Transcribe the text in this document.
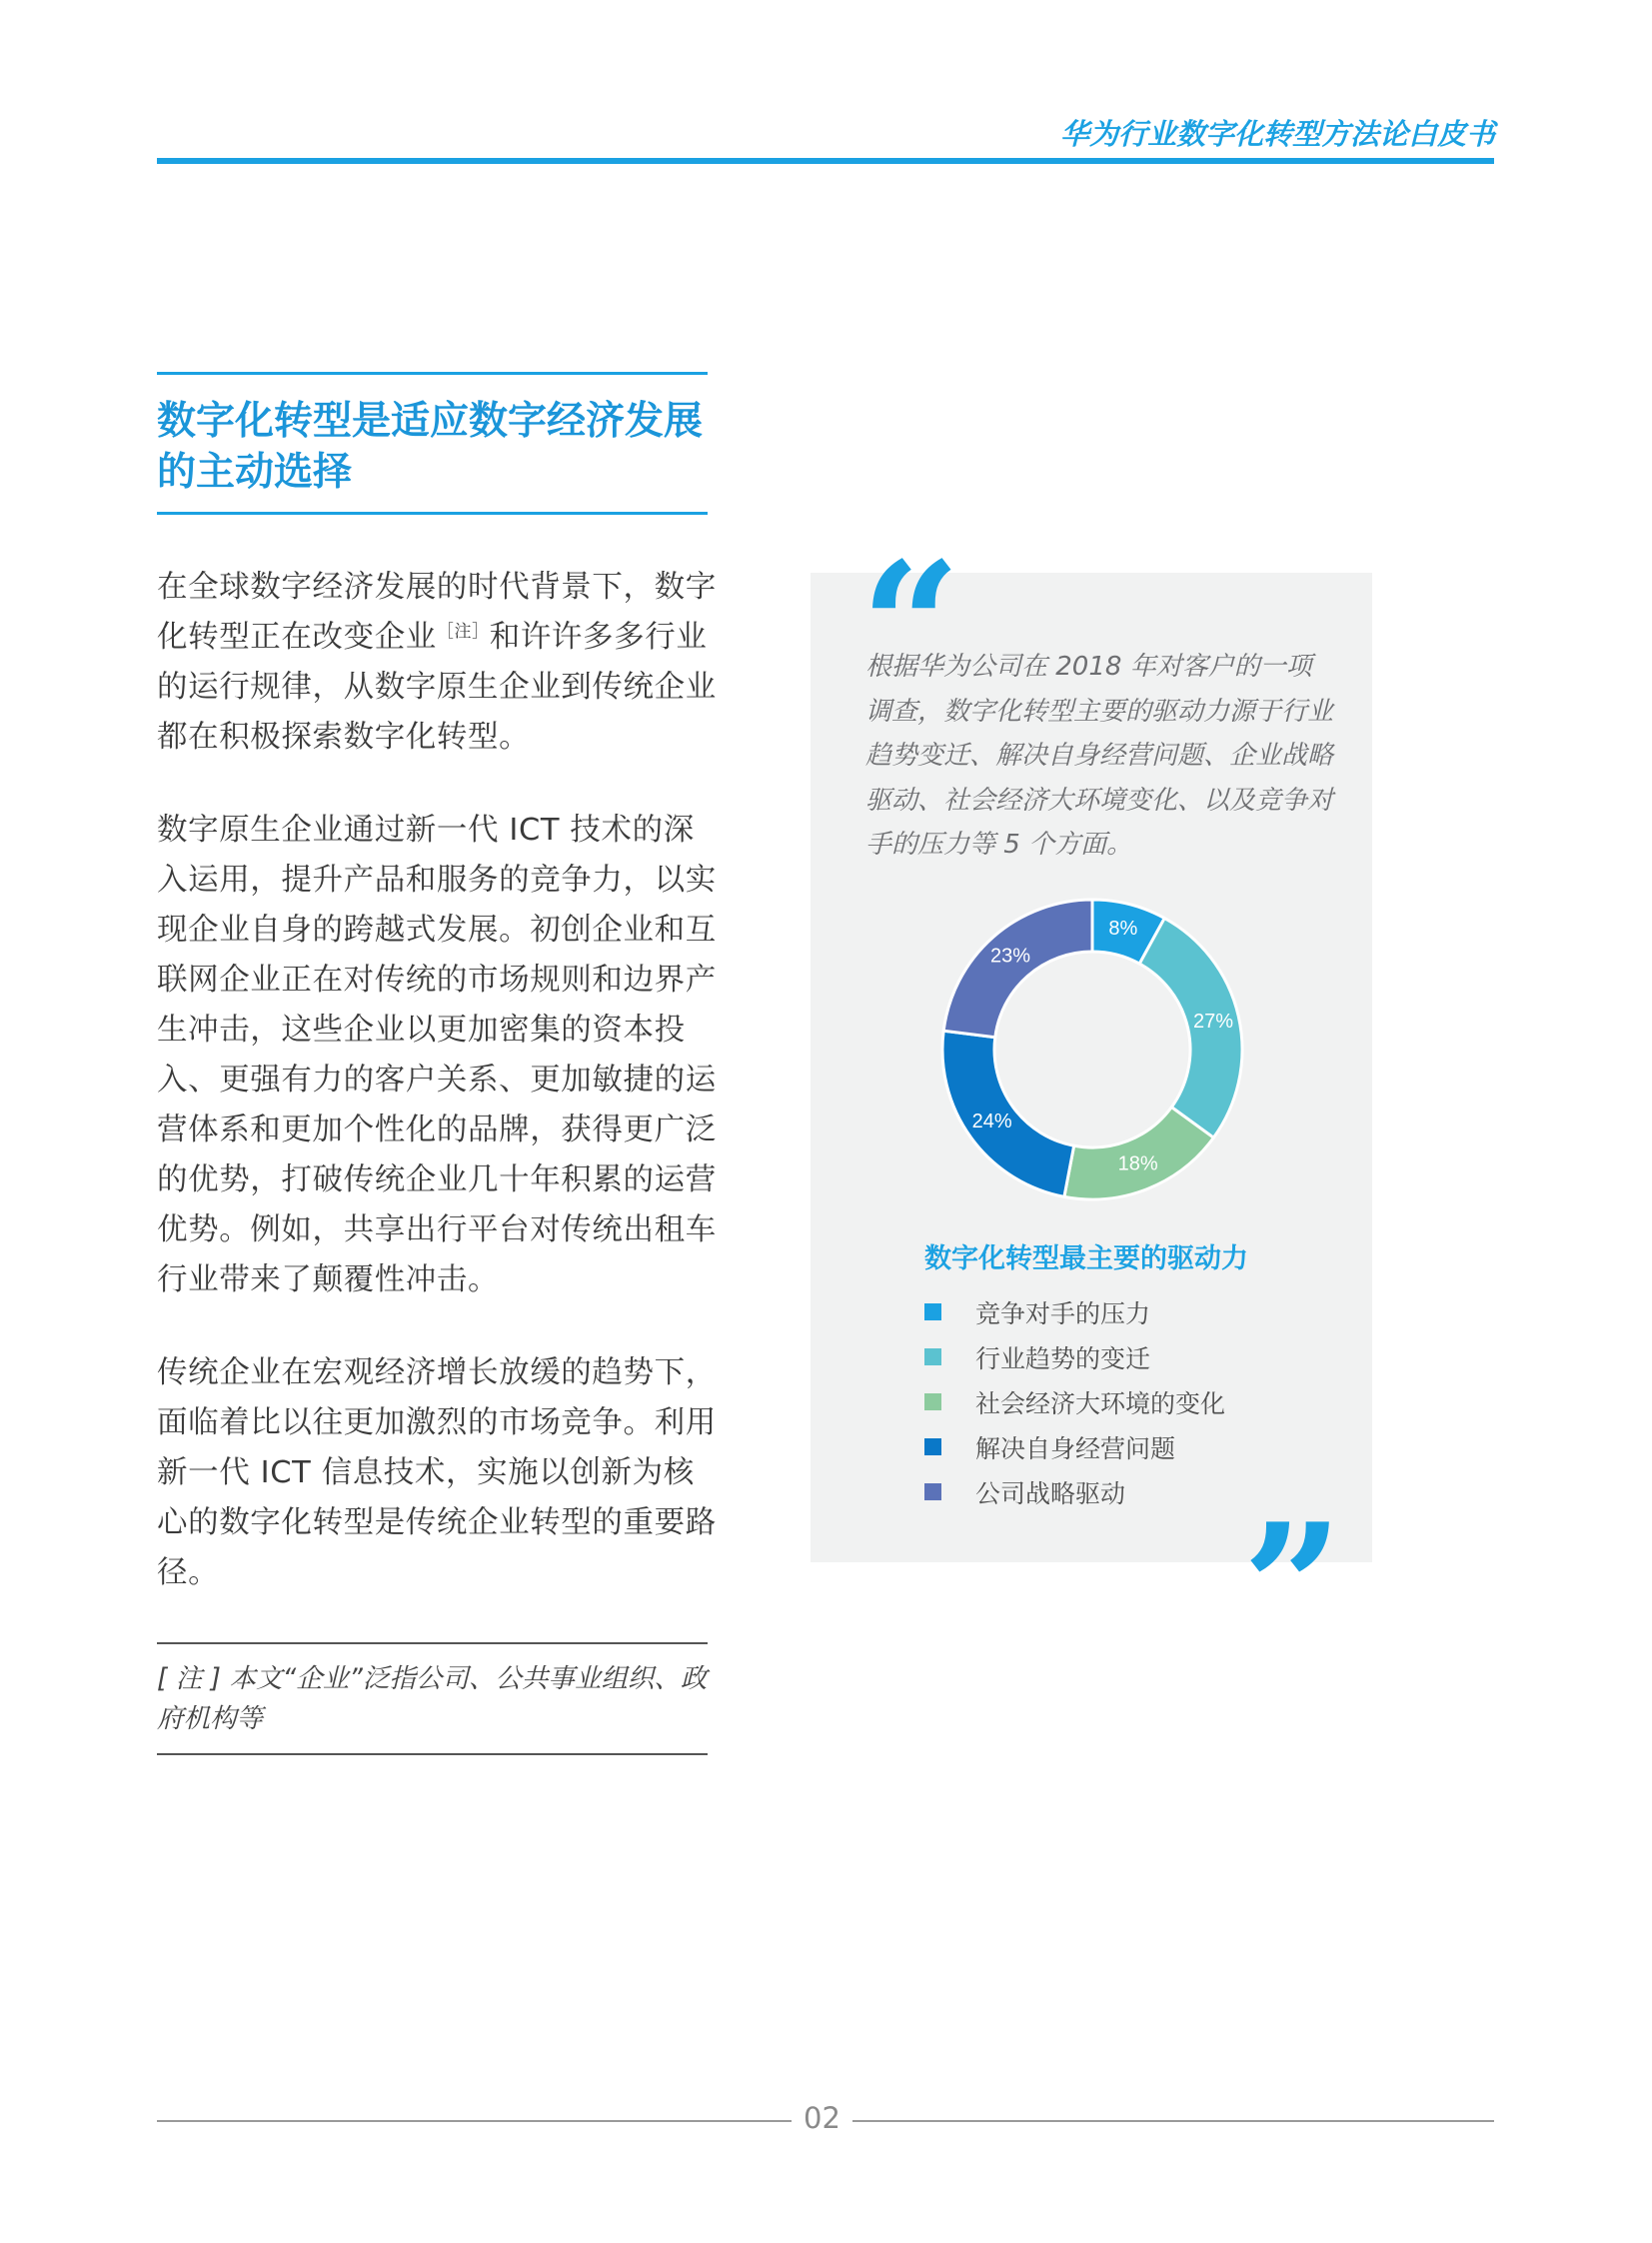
华为行业数字化转型方法论白皮书
数字化转型是适应数字经济发展
的主动选择

在全球数字经济发展的时代背景下，数字化转型正在改变企业$^{[注]}$和许许多多行业的运行规律，从数字原生企业到传统企业都在积极探索数字化转型。

数字原生企业通过新一代 ICT 技术的深入运用，提升产品和服务的竞争力，以实现企业自身的跨越式发展。初创企业和互联网企业正在对传统的市场规则和边界产生冲击，这些企业以更加密集的资本投入、更强有力的客户关系、更加敏捷的运营体系和更加个性化的品牌，获得更广泛的优势，打破传统企业几十年积累的运营优势。例如，共享出行平台对传统出租车行业带来了颠覆性冲击。

传统企业在宏观经济增长放缓的趋势下，面临着比以往更加激烈的市场竞争。利用新一代 ICT 信息技术，实施以创新为核心的数字化转型是传统企业转型的重要路径。

[ 注 ] 本文“企业”泛指公司、公共事业组织、政府机构等

“

根据华为公司在 2018 年对客户的一项调查，数字化转型主要的驱动力源于行业趋势变迁、解决自身经营问题、企业战略驱动、社会经济大环境变化、以及竞争对手的压力等 5 个方面。

8%
27%
18%
24%
23%
数字化转型最主要的驱动力
竞争对手的压力
行业趋势的变迁
社会经济大环境的变化
解决自身经营问题
公司战略驱动 ”
02
